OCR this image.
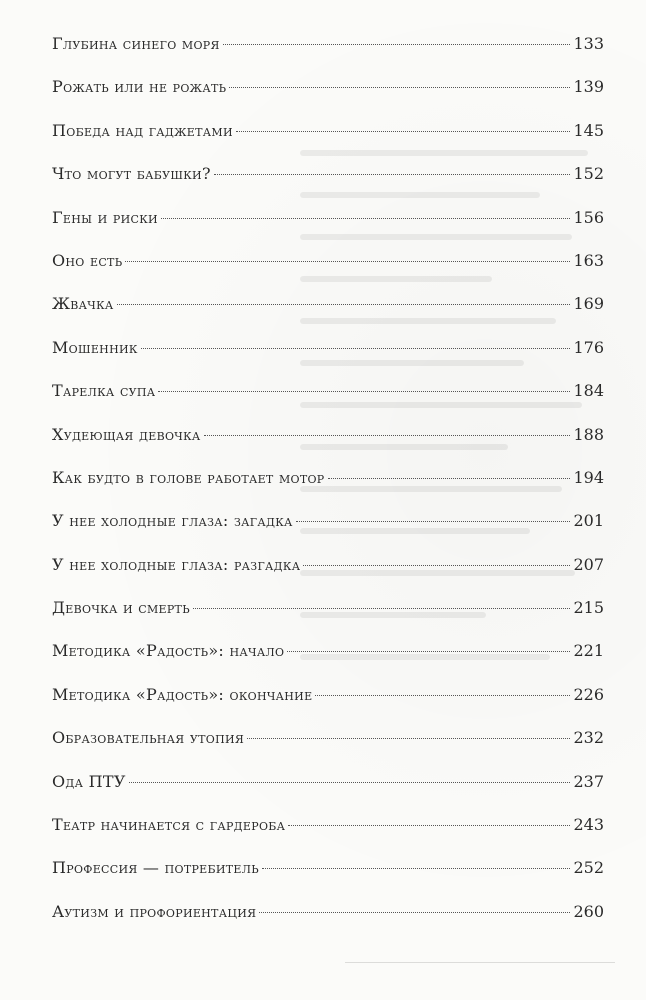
Глубина синего моря	133
Рожать или не рожать	139
Победа над гаджетами	145
Что могут бабушки?	152
Гены и риски	156
Оно есть	163
Жвачка	169
Мошенник	176
Тарелка супа	184
Худеющая девочка	188
Как будто в голове работает мотор	194
У нее холодные глаза: загадка	201
У нее холодные глаза: разгадка	207
Девочка и смерть	215
Методика «Радость»: начало	221
Методика «Радость»: окончание	226
Образовательная утопия	232
Ода ПТУ	237
Театр начинается с гардероба	243
Профессия — потребитель	252
Аутизм и профориентация	260
